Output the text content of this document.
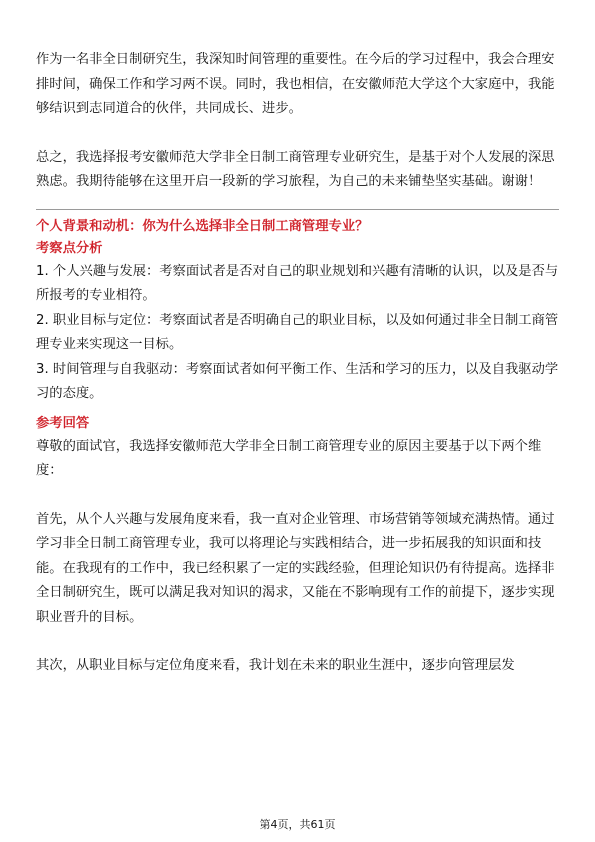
作为一名非全日制研究生，我深知时间管理的重要性。在今后的学习过程中，我会合理安排时间，确保工作和学习两不误。同时，我也相信，在安徽师范大学这个大家庭中，我能够结识到志同道合的伙伴，共同成长、进步。

总之，我选择报考安徽师范大学非全日制工商管理专业研究生，是基于对个人发展的深思熟虑。我期待能够在这里开启一段新的学习旅程，为自己的未来铺垫坚实基础。谢谢！

个人背景和动机：你为什么选择非全日制工商管理专业？

考察点分析

1. 个人兴趣与发展：考察面试者是否对自己的职业规划和兴趣有清晰的认识，以及是否与所报考的专业相符。

2. 职业目标与定位：考察面试者是否明确自己的职业目标，以及如何通过非全日制工商管理专业来实现这一目标。

3. 时间管理与自我驱动：考察面试者如何平衡工作、生活和学习的压力，以及自我驱动学习的态度。

参考回答

尊敬的面试官，我选择安徽师范大学非全日制工商管理专业的原因主要基于以下两个维度：

首先，从个人兴趣与发展角度来看，我一直对企业管理、市场营销等领域充满热情。通过学习非全日制工商管理专业，我可以将理论与实践相结合，进一步拓展我的知识面和技能。在我现有的工作中，我已经积累了一定的实践经验，但理论知识仍有待提高。选择非全日制研究生，既可以满足我对知识的渴求，又能在不影响现有工作的前提下，逐步实现职业晋升的目标。

其次，从职业目标与定位角度来看，我计划在未来的职业生涯中，逐步向管理层发

第4页，共61页
